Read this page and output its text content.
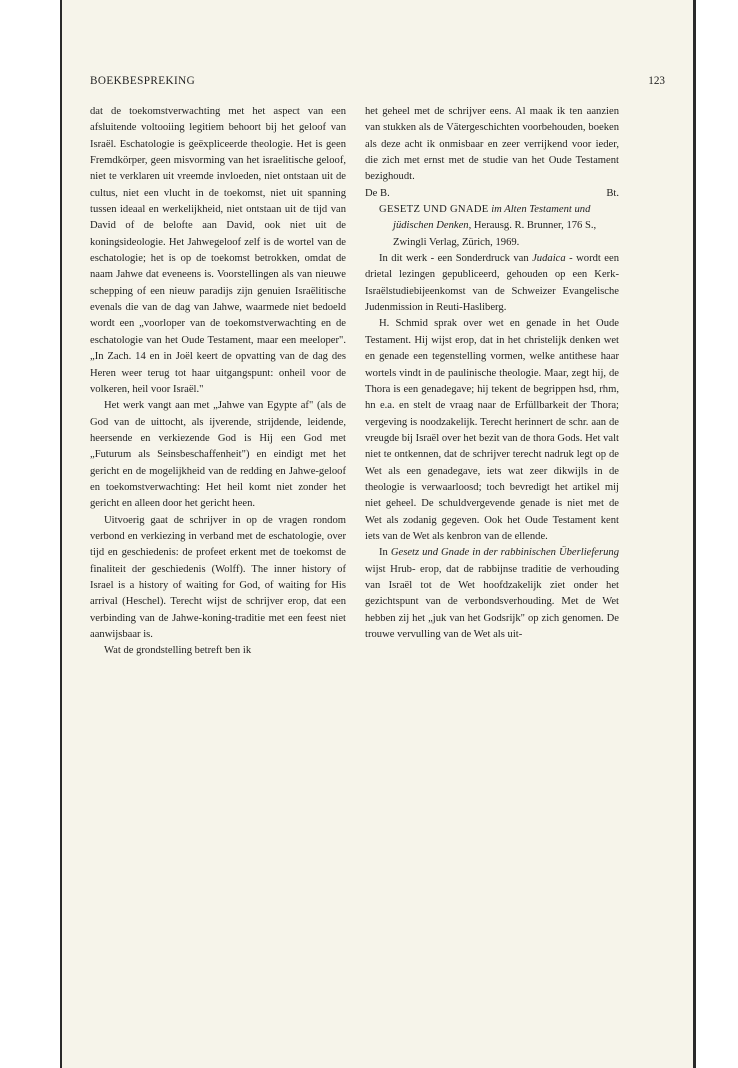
BOEKBESPREKING	123

dat de toekomstverwachting met het aspect van een afsluitende voltooiing legitiem behoort bij het geloof van Israël. Eschatologie is geëxpliceerde theologie. Het is geen Fremdkörper, geen misvorming van het israelitische geloof, niet te verklaren uit vreemde invloeden, niet ontstaan uit de cultus, niet een vlucht in de toekomst, niet uit spanning tussen ideaal en werkelijkheid, niet ontstaan uit de tijd van David of de belofte aan David, ook niet uit de koningsideologie. Het Jahwegeloof zelf is de wortel van de eschatologie; het is op de toekomst betrokken, omdat de naam Jahwe dat eveneens is. Voorstellingen als van nieuwe schepping of een nieuw paradijs zijn genuien Israëlitische evenals die van de dag van Jahwe, waarmede niet bedoeld wordt een „voorloper van de toekomstverwachting en de eschatologie van het Oude Testament, maar een meeloper". „In Zach. 14 en in Joël keert de opvatting van de dag des Heren weer terug tot haar uitgangspunt: onheil voor de volkeren, heil voor Israël."

Het werk vangt aan met „Jahwe van Egypte af" (als de God van de uittocht, als ijverende, strijdende, leidende, heersende en verkiezende God is Hij een God met „Futurum als Seinsbeschaffenheit") en eindigt met het gericht en de mogelijkheid van de redding en Jahwe-geloof en toekomstverwachting: Het heil komt niet zonder het gericht en alleen door het gericht heen.

Uitvoerig gaat de schrijver in op de vragen rondom verbond en verkiezing in verband met de eschatologie, over tijd en geschiedenis: de profeet erkent met de toekomst de finaliteit der geschiedenis (Wolff). The inner history of Israel is a history of waiting for God, of waiting for His arrival (Heschel). Terecht wijst de schrijver erop, dat een verbinding van de Jahwe-koning-traditie met een feest niet aanwijsbaar is.

Wat de grondstelling betreft ben ik

het geheel met de schrijver eens. Al maak ik ten aanzien van stukken als de Vätergeschichten voorbehouden, boeken als deze acht ik onmisbaar en zeer verrijkend voor ieder, die zich met ernst met de studie van het Oude Testament bezighoudt.

De B.	Bt.

GESETZ UND GNADE im Alten Testament und jüdischen Denken, Herausg. R. Brunner, 176 S., Zwingli Verlag, Zürich, 1969.

In dit werk - een Sonderdruck van Judaica - wordt een drietal lezingen gepubliceerd, gehouden op een Kerk-Israëlstudiebijeenkomst van de Schweizer Evangelische Judenmission in Reuti-Hasliberg.

H. Schmid sprak over wet en genade in het Oude Testament. Hij wijst erop, dat in het christelijk denken wet en genade een tegenstelling vormen, welke antithese haar wortels vindt in de paulinische theologie. Maar, zegt hij, de Thora is een genadegave; hij tekent de begrippen hsd, rhm, hn e.a. en stelt de vraag naar de Erfüllbarkeit der Thora; vergeving is noodzakelijk. Terecht herinnert de schr. aan de vreugde bij Israël over het bezit van de thora Gods. Het valt niet te ontkennen, dat de schrijver terecht nadruk legt op de Wet als een genadegave, iets wat zeer dikwijls in de theologie is verwaarloosd; toch bevredigt het artikel mij niet geheel. De schuldvergevende genade is niet met de Wet als zodanig gegeven. Ook het Oude Testament kent iets van de Wet als kenbron van de ellende.

In Gesetz und Gnade in der rabbinischen Überlieferung wijst Hrub- erop, dat de rabbijnse traditie de verhouding van Israël tot de Wet hoofdzakelijk ziet onder het gezichtspunt van de verbondsverhouding. Met de Wet hebben zij het „juk van het Godsrijk" op zich genomen. De trouwe vervulling van de Wet als uit-
